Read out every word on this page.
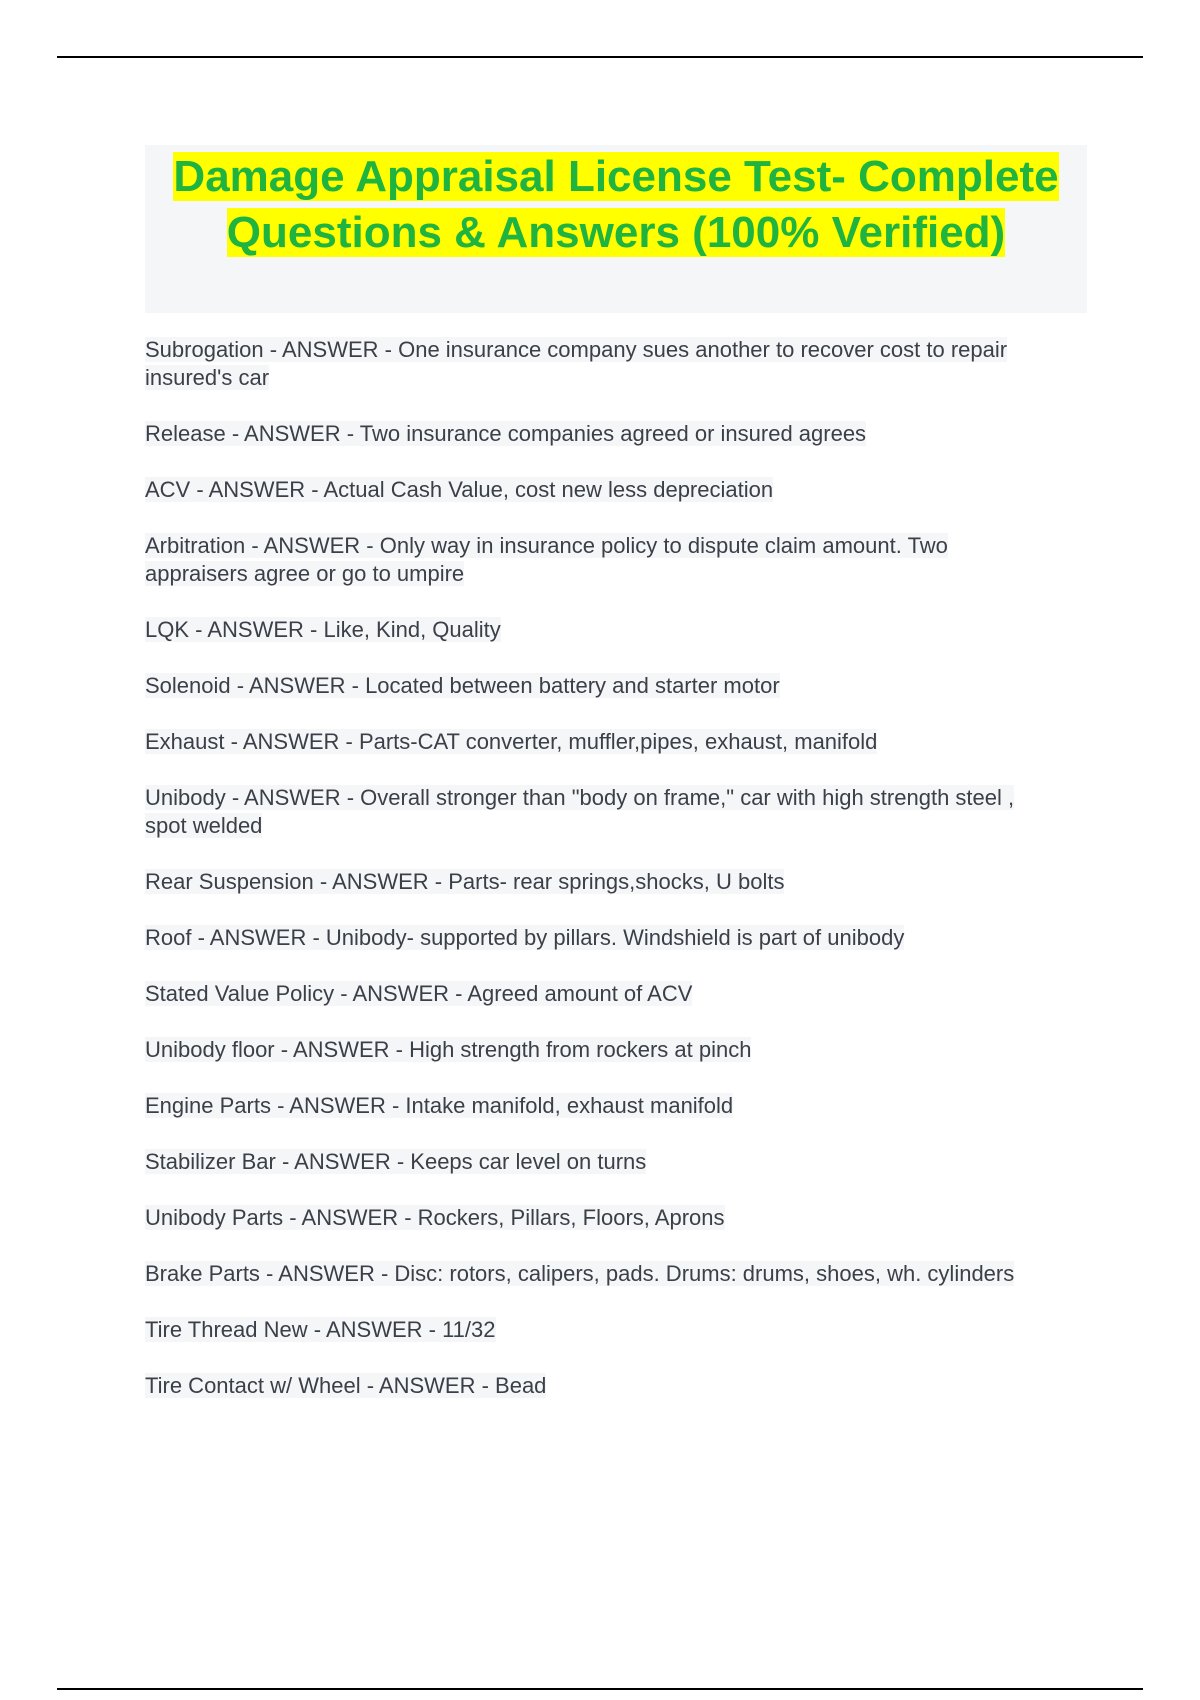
Damage Appraisal License Test- Complete Questions & Answers (100% Verified)
Subrogation - ANSWER - One insurance company sues another to recover cost to repair insured's car
Release - ANSWER - Two insurance companies agreed or insured agrees
ACV - ANSWER - Actual Cash Value, cost new less depreciation
Arbitration - ANSWER - Only way in insurance policy to dispute claim amount. Two appraisers agree or go to umpire
LQK - ANSWER - Like, Kind, Quality
Solenoid - ANSWER - Located between battery and starter motor
Exhaust - ANSWER - Parts-CAT converter, muffler,pipes, exhaust, manifold
Unibody - ANSWER - Overall stronger than "body on frame," car with high strength steel , spot welded
Rear Suspension - ANSWER - Parts- rear springs,shocks, U bolts
Roof - ANSWER - Unibody- supported by pillars. Windshield is part of unibody
Stated Value Policy - ANSWER - Agreed amount of ACV
Unibody floor - ANSWER - High strength from rockers at pinch
Engine Parts - ANSWER - Intake manifold, exhaust manifold
Stabilizer Bar - ANSWER - Keeps car level on turns
Unibody Parts - ANSWER - Rockers, Pillars, Floors, Aprons
Brake Parts - ANSWER - Disc: rotors, calipers, pads. Drums: drums, shoes, wh. cylinders
Tire Thread New - ANSWER - 11/32
Tire Contact w/ Wheel - ANSWER - Bead
